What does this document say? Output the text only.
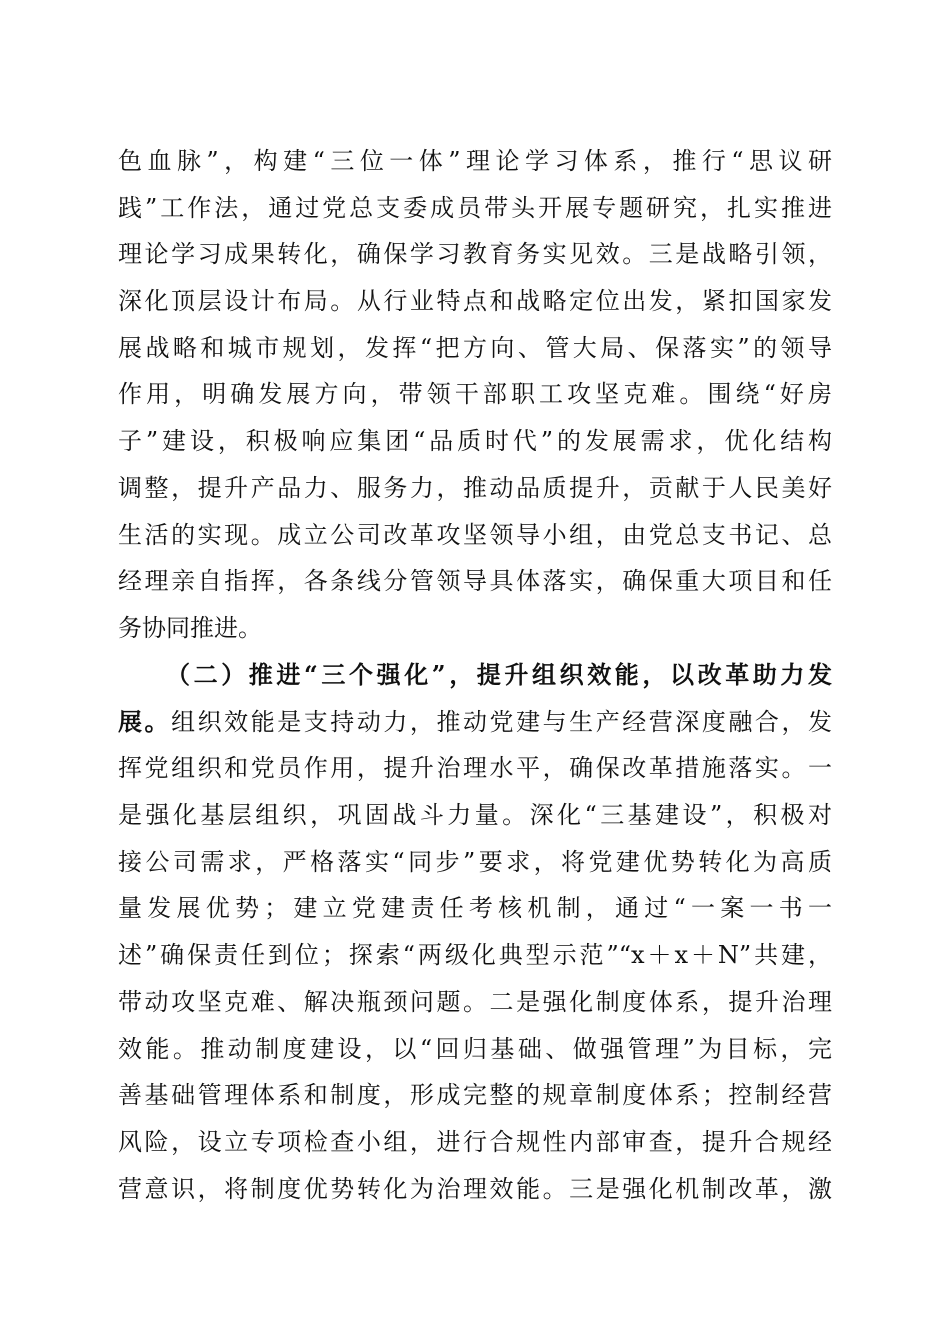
色血脉”，构建“三位一体”理论学习体系，推行“思议研
践”工作法，通过党总支委成员带头开展专题研究，扎实推进
理论学习成果转化，确保学习教育务实见效。三是战略引领，
深化顶层设计布局。从行业特点和战略定位出发，紧扣国家发
展战略和城市规划，发挥“把方向、管大局、保落实”的领导
作用，明确发展方向，带领干部职工攻坚克难。围绕“好房
子”建设，积极响应集团“品质时代”的发展需求，优化结构
调整，提升产品力、服务力，推动品质提升，贡献于人民美好
生活的实现。成立公司改革攻坚领导小组，由党总支书记、总
经理亲自指挥，各条线分管领导具体落实，确保重大项目和任
务协同推进。
（二）推进“三个强化”，提升组织效能，以改革助力发
展。组织效能是支持动力，推动党建与生产经营深度融合，发
挥党组织和党员作用，提升治理水平，确保改革措施落实。一
是强化基层组织，巩固战斗力量。深化“三基建设”，积极对
接公司需求，严格落实“同步”要求，将党建优势转化为高质
量发展优势；建立党建责任考核机制，通过“一案一书一
述”确保责任到位；探索“两级化典型示范”“x＋x＋N”共建，
带动攻坚克难、解决瓶颈问题。二是强化制度体系，提升治理
效能。推动制度建设，以“回归基础、做强管理”为目标，完
善基础管理体系和制度，形成完整的规章制度体系；控制经营
风险，设立专项检查小组，进行合规性内部审查，提升合规经
营意识，将制度优势转化为治理效能。三是强化机制改革，激
